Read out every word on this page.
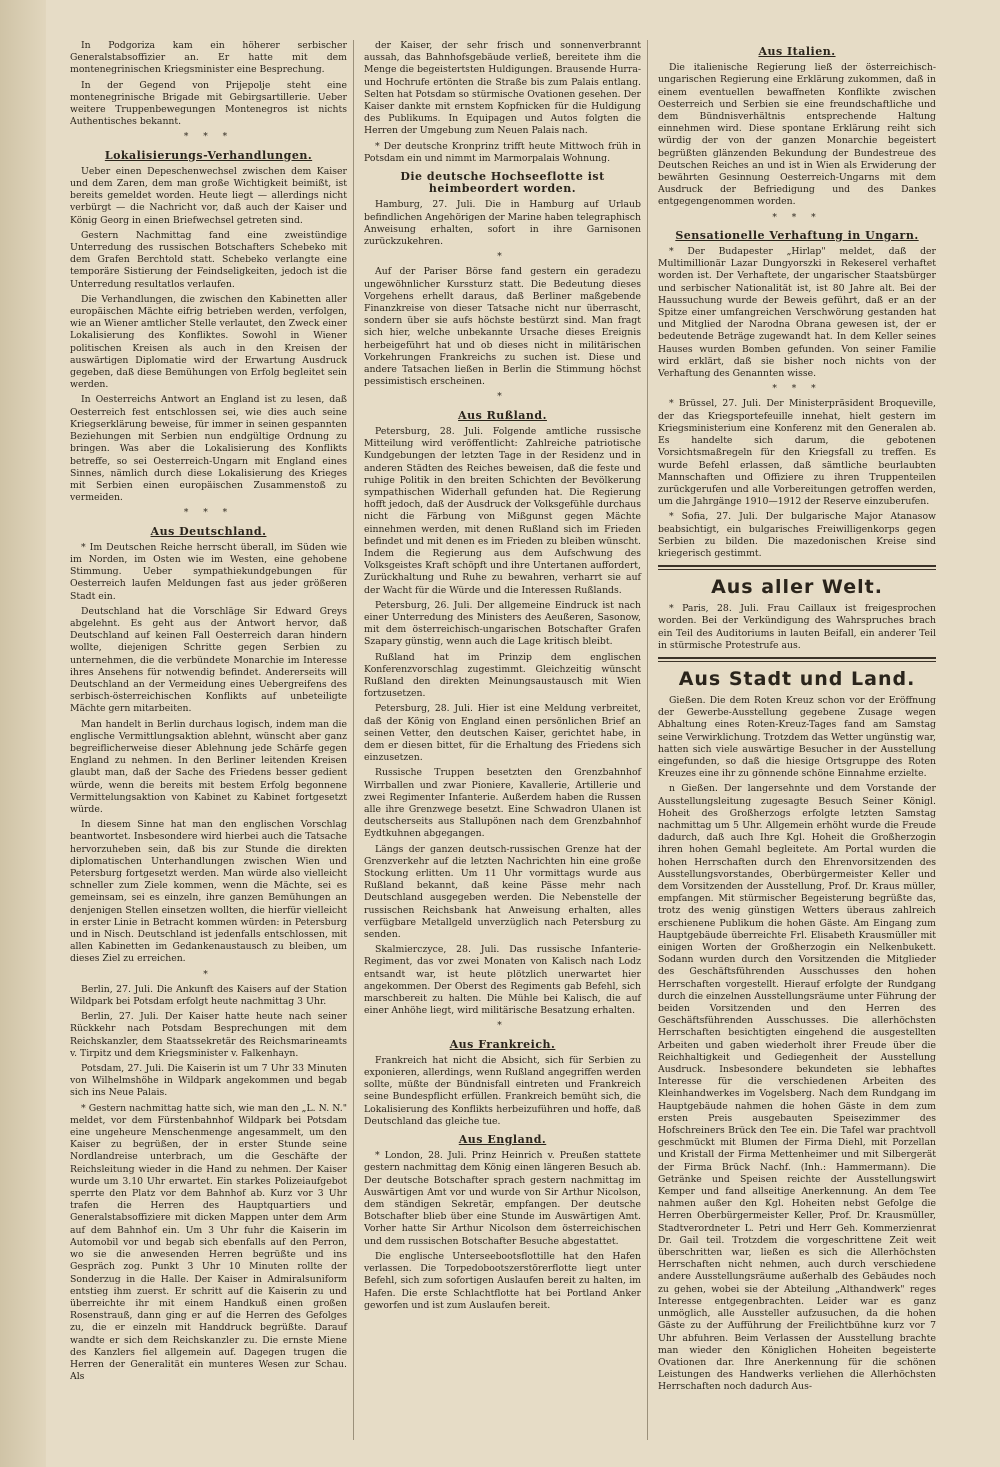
In Podgoriza kam ein höherer serbischer Generalstabsoffizier an. Er hatte mit dem montenegrinischen Kriegsminister eine Besprechung.

In der Gegend von Prijepolje steht eine montenegrinische Brigade mit Gebirgsartillerie. Ueber weitere Truppenbewegungen Montenegros ist nichts Authentisches bekannt.

* * *
Lokalisierungs-Verhandlungen.

Ueber einen Depeschenwechsel zwischen dem Kaiser und dem Zaren, dem man große Wichtigkeit beimißt, ist bereits gemeldet worden. Heute liegt — allerdings nicht verbürgt — die Nachricht vor, daß auch der Kaiser und König Georg in einen Briefwechsel getreten sind.

Gestern Nachmittag fand eine zweistündige Unterredung des russischen Botschafters Schebeko mit dem Grafen Berchtold statt. Schebeko verlangte eine temporäre Sistierung der Feindseligkeiten, jedoch ist die Unterredung resultatlos verlaufen.

Die Verhandlungen, die zwischen den Kabinetten aller europäischen Mächte eifrig betrieben werden, verfolgen, wie an Wiener amtlicher Stelle verlautet, den Zweck einer Lokalisierung des Konfliktes. Sowohl in Wiener politischen Kreisen als auch in den Kreisen der auswärtigen Diplomatie wird der Erwartung Ausdruck gegeben, daß diese Bemühungen von Erfolg begleitet sein werden.

In Oesterreichs Antwort an England ist zu lesen, daß Oesterreich fest entschlossen sei, wie dies auch seine Kriegserklärung beweise, für immer in seinen gespannten Beziehungen mit Serbien nun endgültige Ordnung zu bringen. Was aber die Lokalisierung des Konflikts betreffe, so sei Oesterreich-Ungarn mit England eines Sinnes, nämlich durch diese Lokalisierung des Krieges mit Serbien einen europäischen Zusammenstoß zu vermeiden.

* * *
Aus Deutschland.

* Im Deutschen Reiche herrscht überall, im Süden wie im Norden, im Osten wie im Westen, eine gehobene Stimmung. Ueber sympathiekundgebungen für Oesterreich laufen Meldungen fast aus jeder größeren Stadt ein.

Deutschland hat die Vorschläge Sir Edward Greys abgelehnt. Es geht aus der Antwort hervor, daß Deutschland auf keinen Fall Oesterreich daran hindern wollte, diejenigen Schritte gegen Serbien zu unternehmen, die die verbündete Monarchie im Interesse ihres Ansehens für notwendig befindet. Andererseits will Deutschland an der Vermeidung eines Uebergreifens des serbisch-österreichischen Konflikts auf unbeteiligte Mächte gern mitarbeiten.

Man handelt in Berlin durchaus logisch, indem man die englische Vermittlungsaktion ablehnt, wünscht aber ganz begreiflicherweise dieser Ablehnung jede Schärfe gegen England zu nehmen. In den Berliner leitenden Kreisen glaubt man, daß der Sache des Friedens besser gedient würde, wenn die bereits mit bestem Erfolg begonnene Vermittelungsaktion von Kabinet zu Kabinet fortgesetzt würde.

In diesem Sinne hat man den englischen Vorschlag beantwortet. Insbesondere wird hierbei auch die Tatsache hervorzuheben sein, daß bis zur Stunde die direkten diplomatischen Unterhandlungen zwischen Wien und Petersburg fortgesetzt werden. Man würde also vielleicht schneller zum Ziele kommen, wenn die Mächte, sei es gemeinsam, sei es einzeln, ihre ganzen Bemühungen an denjenigen Stellen einsetzen wollten, die hierfür vielleicht in erster Linie in Betracht kommen würden: in Petersburg und in Nisch. Deutschland ist jedenfalls entschlossen, mit allen Kabinetten im Gedankenaustausch zu bleiben, um dieses Ziel zu erreichen.

*

Berlin, 27. Juli. Die Ankunft des Kaisers auf der Station Wildpark bei Potsdam erfolgt heute nachmittag 3 Uhr.

Berlin, 27. Juli. Der Kaiser hatte heute nach seiner Rückkehr nach Potsdam Besprechungen mit dem Reichskanzler, dem Staatssekretär des Reichsmarineamts v. Tirpitz und dem Kriegsminister v. Falkenhayn.

Potsdam, 27. Juli. Die Kaiserin ist um 7 Uhr 33 Minuten von Wilhelmshöhe in Wildpark angekommen und begab sich ins Neue Palais.

* Gestern nachmittag hatte sich, wie man den „L. N. N." meldet, vor dem Fürstenbahnhof Wildpark bei Potsdam eine ungeheure Menschenmenge angesammelt, um den Kaiser zu begrüßen, der in erster Stunde seine Nordlandreise unterbrach, um die Geschäfte der Reichsleitung wieder in die Hand zu nehmen. Der Kaiser wurde um 3.10 Uhr erwartet. Ein starkes Polizeiaufgebot sperrte den Platz vor dem Bahnhof ab. Kurz vor 3 Uhr trafen die Herren des Hauptquartiers und Generalstabsoffiziere mit dicken Mappen unter dem Arm auf dem Bahnhof ein. Um 3 Uhr fuhr die Kaiserin im Automobil vor und begab sich ebenfalls auf den Perron, wo sie die anwesenden Herren begrüßte und ins Gespräch zog. Punkt 3 Uhr 10 Minuten rollte der Sonderzug in die Halle. Der Kaiser in Admiralsuniform entstieg ihm zuerst. Er schritt auf die Kaiserin zu und überreichte ihr mit einem Handkuß einen großen Rosenstrauß, dann ging er auf die Herren des Gefolges zu, die er einzeln mit Handdruck begrüßte. Darauf wandte er sich dem Reichskanzler zu. Die ernste Miene des Kanzlers fiel allgemein auf. Dagegen trugen die Herren der Generalität ein munteres Wesen zur Schau. Als

der Kaiser, der sehr frisch und sonnenverbrannt aussah, das Bahnhofsgebäude verließ, bereitete ihm die Menge die begeistertsten Huldigungen. Brausende Hurra- und Hochrufe ertönten die Straße bis zum Palais entlang. Selten hat Potsdam so stürmische Ovationen gesehen. Der Kaiser dankte mit ernstem Kopfnicken für die Huldigung des Publikums. In Equipagen und Autos folgten die Herren der Umgebung zum Neuen Palais nach.

* Der deutsche Kronprinz trifft heute Mittwoch früh in Potsdam ein und nimmt im Marmorpalais Wohnung.

Die deutsche Hochseeflotte ist heimbeordert worden.

Hamburg, 27. Juli. Die in Hamburg auf Urlaub befindlichen Angehörigen der Marine haben telegraphisch Anweisung erhalten, sofort in ihre Garnisonen zurückzukehren.

*

Auf der Pariser Börse fand gestern ein geradezu ungewöhnlicher Kurssturz statt. Die Bedeutung dieses Vorgehens erhellt daraus, daß Berliner maßgebende Finanzkreise von dieser Tatsache nicht nur überrascht, sondern über sie aufs höchste bestürzt sind. Man fragt sich hier, welche unbekannte Ursache dieses Ereignis herbeigeführt hat und ob dieses nicht in militärischen Vorkehrungen Frankreichs zu suchen ist. Diese und andere Tatsachen ließen in Berlin die Stimmung höchst pessimistisch erscheinen.

*
Aus Rußland.

Petersburg, 28. Juli. Folgende amtliche russische Mitteilung wird veröffentlicht: Zahlreiche patriotische Kundgebungen der letzten Tage in der Residenz und in anderen Städten des Reiches beweisen, daß die feste und ruhige Politik in den breiten Schichten der Bevölkerung sympathischen Widerhall gefunden hat. Die Regierung hofft jedoch, daß der Ausdruck der Volksgefühle durchaus nicht die Färbung von Mißgunst gegen Mächte einnehmen werden, mit denen Rußland sich im Frieden befindet und mit denen es im Frieden zu bleiben wünscht. Indem die Regierung aus dem Aufschwung des Volksgeistes Kraft schöpft und ihre Untertanen auffordert, Zurückhaltung und Ruhe zu bewahren, verharrt sie auf der Wacht für die Würde und die Interessen Rußlands.

Petersburg, 26. Juli. Der allgemeine Eindruck ist nach einer Unterredung des Ministers des Aeußeren, Sasonow, mit dem österreichisch-ungarischen Botschafter Grafen Szapary günstig, wenn auch die Lage kritisch bleibt.

Rußland hat im Prinzip dem englischen Konferenzvorschlag zugestimmt. Gleichzeitig wünscht Rußland den direkten Meinungsaustausch mit Wien fortzusetzen.

Petersburg, 28. Juli. Hier ist eine Meldung verbreitet, daß der König von England einen persönlichen Brief an seinen Vetter, den deutschen Kaiser, gerichtet habe, in dem er diesen bittet, für die Erhaltung des Friedens sich einzusetzen.

Russische Truppen besetzten den Grenzbahnhof Wirrballen und zwar Pioniere, Kavallerie, Artillerie und zwei Regimenter Infanterie. Außerdem haben die Russen alle ihre Grenzwege besetzt. Eine Schwadron Ulanen ist deutscherseits aus Stallupönen nach dem Grenzbahnhof Eydtkuhnen abgegangen.

Längs der ganzen deutsch-russischen Grenze hat der Grenzverkehr auf die letzten Nachrichten hin eine große Stockung erlitten. Um 11 Uhr vormittags wurde aus Rußland bekannt, daß keine Pässe mehr nach Deutschland ausgegeben werden. Die Nebenstelle der russischen Reichsbank hat Anweisung erhalten, alles verfügbare Metallgeld unverzüglich nach Petersburg zu senden.

Skalmierczyce, 28. Juli. Das russische Infanterie-Regiment, das vor zwei Monaten von Kalisch nach Lodz entsandt war, ist heute plötzlich unerwartet hier angekommen. Der Oberst des Regiments gab Befehl, sich marschbereit zu halten. Die Mühle bei Kalisch, die auf einer Anhöhe liegt, wird militärische Besatzung erhalten.

*
Aus Frankreich.

Frankreich hat nicht die Absicht, sich für Serbien zu exponieren, allerdings, wenn Rußland angegriffen werden sollte, müßte der Bündnisfall eintreten und Frankreich seine Bundespflicht erfüllen. Frankreich bemüht sich, die Lokalisierung des Konflikts herbeizuführen und hoffe, daß Deutschland das gleiche tue.

Aus England.

* London, 28. Juli. Prinz Heinrich v. Preußen stattete gestern nachmittag dem König einen längeren Besuch ab. Der deutsche Botschafter sprach gestern nachmittag im Auswärtigen Amt vor und wurde von Sir Arthur Nicolson, dem ständigen Sekretär, empfangen. Der deutsche Botschafter blieb über eine Stunde im Auswärtigen Amt. Vorher hatte Sir Arthur Nicolson dem österreichischen und dem russischen Botschafter Besuche abgestattet.

Die englische Unterseebootsflottille hat den Hafen verlassen. Die Torpedobootszerstörerflotte liegt unter Befehl, sich zum sofortigen Auslaufen bereit zu halten, im Hafen. Die erste Schlachtflotte hat bei Portland Anker geworfen und ist zum Auslaufen bereit.

Aus Italien.

Die italienische Regierung ließ der österreichisch-ungarischen Regierung eine Erklärung zukommen, daß in einem eventuellen bewaffneten Konflikte zwischen Oesterreich und Serbien sie eine freundschaftliche und dem Bündnisverhältnis entsprechende Haltung einnehmen wird. Diese spontane Erklärung reiht sich würdig der von der ganzen Monarchie begeistert begrüßten glänzenden Bekundung der Bundestreue des Deutschen Reiches an und ist in Wien als Erwiderung der bewährten Gesinnung Oesterreich-Ungarns mit dem Ausdruck der Befriedigung und des Dankes entgegengenommen worden.

* * *
Sensationelle Verhaftung in Ungarn.

* Der Budapester „Hirlap" meldet, daß der Multimillionär Lazar Dungyorszki in Rekeserel verhaftet worden ist. Der Verhaftete, der ungarischer Staatsbürger und serbischer Nationalität ist, ist 80 Jahre alt. Bei der Haussuchung wurde der Beweis geführt, daß er an der Spitze einer umfangreichen Verschwörung gestanden hat und Mitglied der Narodna Obrana gewesen ist, der er bedeutende Beträge zugewandt hat. In dem Keller seines Hauses wurden Bomben gefunden. Von seiner Familie wird erklärt, daß sie bisher noch nichts von der Verhaftung des Genannten wisse.

* * *

* Brüssel, 27. Juli. Der Ministerpräsident Broqueville, der das Kriegsportefeuille innehat, hielt gestern im Kriegsministerium eine Konferenz mit den Generalen ab. Es handelte sich darum, die gebotenen Vorsichtsmaßregeln für den Kriegsfall zu treffen. Es wurde Befehl erlassen, daß sämtliche beurlaubten Mannschaften und Offiziere zu ihren Truppenteilen zurückgerufen und alle Vorbereitungen getroffen werden, um die Jahrgänge 1910—1912 der Reserve einzuberufen.

* Sofia, 27. Juli. Der bulgarische Major Atanasow beabsichtigt, ein bulgarisches Freiwilligenkorps gegen Serbien zu bilden. Die mazedonischen Kreise sind kriegerisch gestimmt.

Aus aller Welt.

* Paris, 28. Juli. Frau Caillaux ist freigesprochen worden. Bei der Verkündigung des Wahrspruches brach ein Teil des Auditoriums in lauten Beifall, ein anderer Teil in stürmische Protestrufe aus.

Aus Stadt und Land.

Gießen. Die dem Roten Kreuz schon vor der Eröffnung der Gewerbe-Ausstellung gegebene Zusage wegen Abhaltung eines Roten-Kreuz-Tages fand am Samstag seine Verwirklichung. Trotzdem das Wetter ungünstig war, hatten sich viele auswärtige Besucher in der Ausstellung eingefunden, so daß die hiesige Ortsgruppe des Roten Kreuzes eine ihr zu gönnende schöne Einnahme erzielte.

n Gießen. Der langersehnte und dem Vorstande der Ausstellungsleitung zugesagte Besuch Seiner Königl. Hoheit des Großherzogs erfolgte letzten Samstag nachmittag um 5 Uhr. Allgemein erhöht wurde die Freude dadurch, daß auch Ihre Kgl. Hoheit die Großherzogin ihren hohen Gemahl begleitete. Am Portal wurden die hohen Herrschaften durch den Ehrenvorsitzenden des Ausstellungsvorstandes, Oberbürgermeister Keller und dem Vorsitzenden der Ausstellung, Prof. Dr. Kraus müller, empfangen. Mit stürmischer Begeisterung begrüßte das, trotz des wenig günstigen Wetters überaus zahlreich erschienene Publikum die hohen Gäste. Am Eingang zum Hauptgebäude überreichte Frl. Elisabeth Krausmüller mit einigen Worten der Großherzogin ein Nelkenbukett. Sodann wurden durch den Vorsitzenden die Mitglieder des Geschäftsführenden Ausschusses den hohen Herrschaften vorgestellt. Hierauf erfolgte der Rundgang durch die einzelnen Ausstellungsräume unter Führung der beiden Vorsitzenden und den Herren des Geschäftsführenden Ausschusses. Die allerhöchsten Herrschaften besichtigten eingehend die ausgestellten Arbeiten und gaben wiederholt ihrer Freude über die Reichhaltigkeit und Gediegenheit der Ausstellung Ausdruck. Insbesondere bekundeten sie lebhaftes Interesse für die verschiedenen Arbeiten des Kleinhandwerkes im Vogelsberg. Nach dem Rundgang im Hauptgebäude nahmen die hohen Gäste in dem zum ersten Preis ausgebauten Speisezimmer des Hofschreiners Brück den Tee ein. Die Tafel war prachtvoll geschmückt mit Blumen der Firma Diehl, mit Porzellan und Kristall der Firma Mettenheimer und mit Silbergerät der Firma Brück Nachf. (Inh.: Hammermann). Die Getränke und Speisen reichte der Ausstellungswirt Kemper und fand allseitige Anerkennung. An dem Tee nahmen außer den Kgl. Hoheiten nebst Gefolge die Herren Oberbürgermeister Keller, Prof. Dr. Krausmüller, Stadtverordneter L. Petri und Herr Geh. Kommerzienrat Dr. Gail teil. Trotzdem die vorgeschrittene Zeit weit überschritten war, ließen es sich die Allerhöchsten Herrschaften nicht nehmen, auch durch verschiedene andere Ausstellungsräume außerhalb des Gebäudes noch zu gehen, wobei sie der Abteilung „Althandwerk" reges Interesse entgegenbrachten. Leider war es ganz unmöglich, alle Aussteller aufzusuchen, da die hohen Gäste zu der Aufführung der Freilichtbühne kurz vor 7 Uhr abfuhren. Beim Verlassen der Ausstellung brachte man wieder den Königlichen Hoheiten begeisterte Ovationen dar. Ihre Anerkennung für die schönen Leistungen des Handwerks verliehen die Allerhöchsten Herrschaften noch dadurch Aus-
